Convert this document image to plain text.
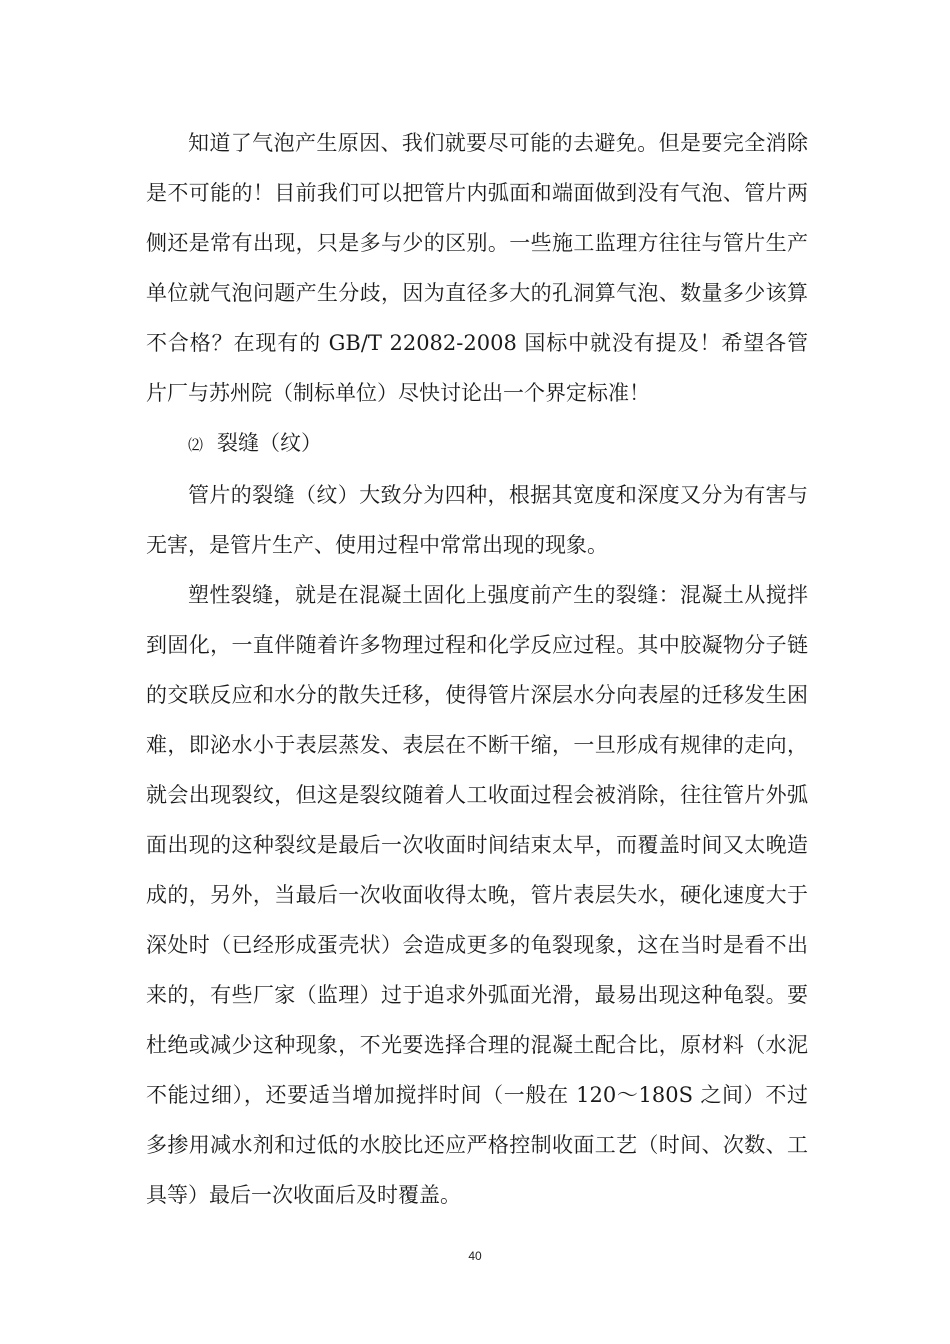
知道了气泡产生原因、我们就要尽可能的去避免。但是要完全消除是不可能的！目前我们可以把管片内弧面和端面做到没有气泡、管片两侧还是常有出现，只是多与少的区别。一些施工监理方往往与管片生产单位就气泡问题产生分歧，因为直径多大的孔洞算气泡、数量多少该算不合格？在现有的 GB/T 22082-2008 国标中就没有提及！希望各管片厂与苏州院（制标单位）尽快讨论出一个界定标准！

⑵ 裂缝（纹）

管片的裂缝（纹）大致分为四种，根据其宽度和深度又分为有害与无害，是管片生产、使用过程中常常出现的现象。

塑性裂缝，就是在混凝土固化上强度前产生的裂缝：混凝土从搅拌到固化，一直伴随着许多物理过程和化学反应过程。其中胶凝物分子链的交联反应和水分的散失迁移，使得管片深层水分向表屋的迁移发生困难，即泌水小于表层蒸发、表层在不断干缩，一旦形成有规律的走向，就会出现裂纹，但这是裂纹随着人工收面过程会被消除，往往管片外弧面出现的这种裂纹是最后一次收面时间结束太早，而覆盖时间又太晚造成的，另外，当最后一次收面收得太晚，管片表层失水，硬化速度大于深处时（已经形成蛋壳状）会造成更多的龟裂现象，这在当时是看不出来的，有些厂家（监理）过于追求外弧面光滑，最易出现这种龟裂。要杜绝或减少这种现象，不光要选择合理的混凝土配合比，原材料（水泥不能过细），还要适当增加搅拌时间（一般在 120～180S 之间）不过多掺用减水剂和过低的水胶比还应严格控制收面工艺（时间、次数、工具等）最后一次收面后及时覆盖。

40
